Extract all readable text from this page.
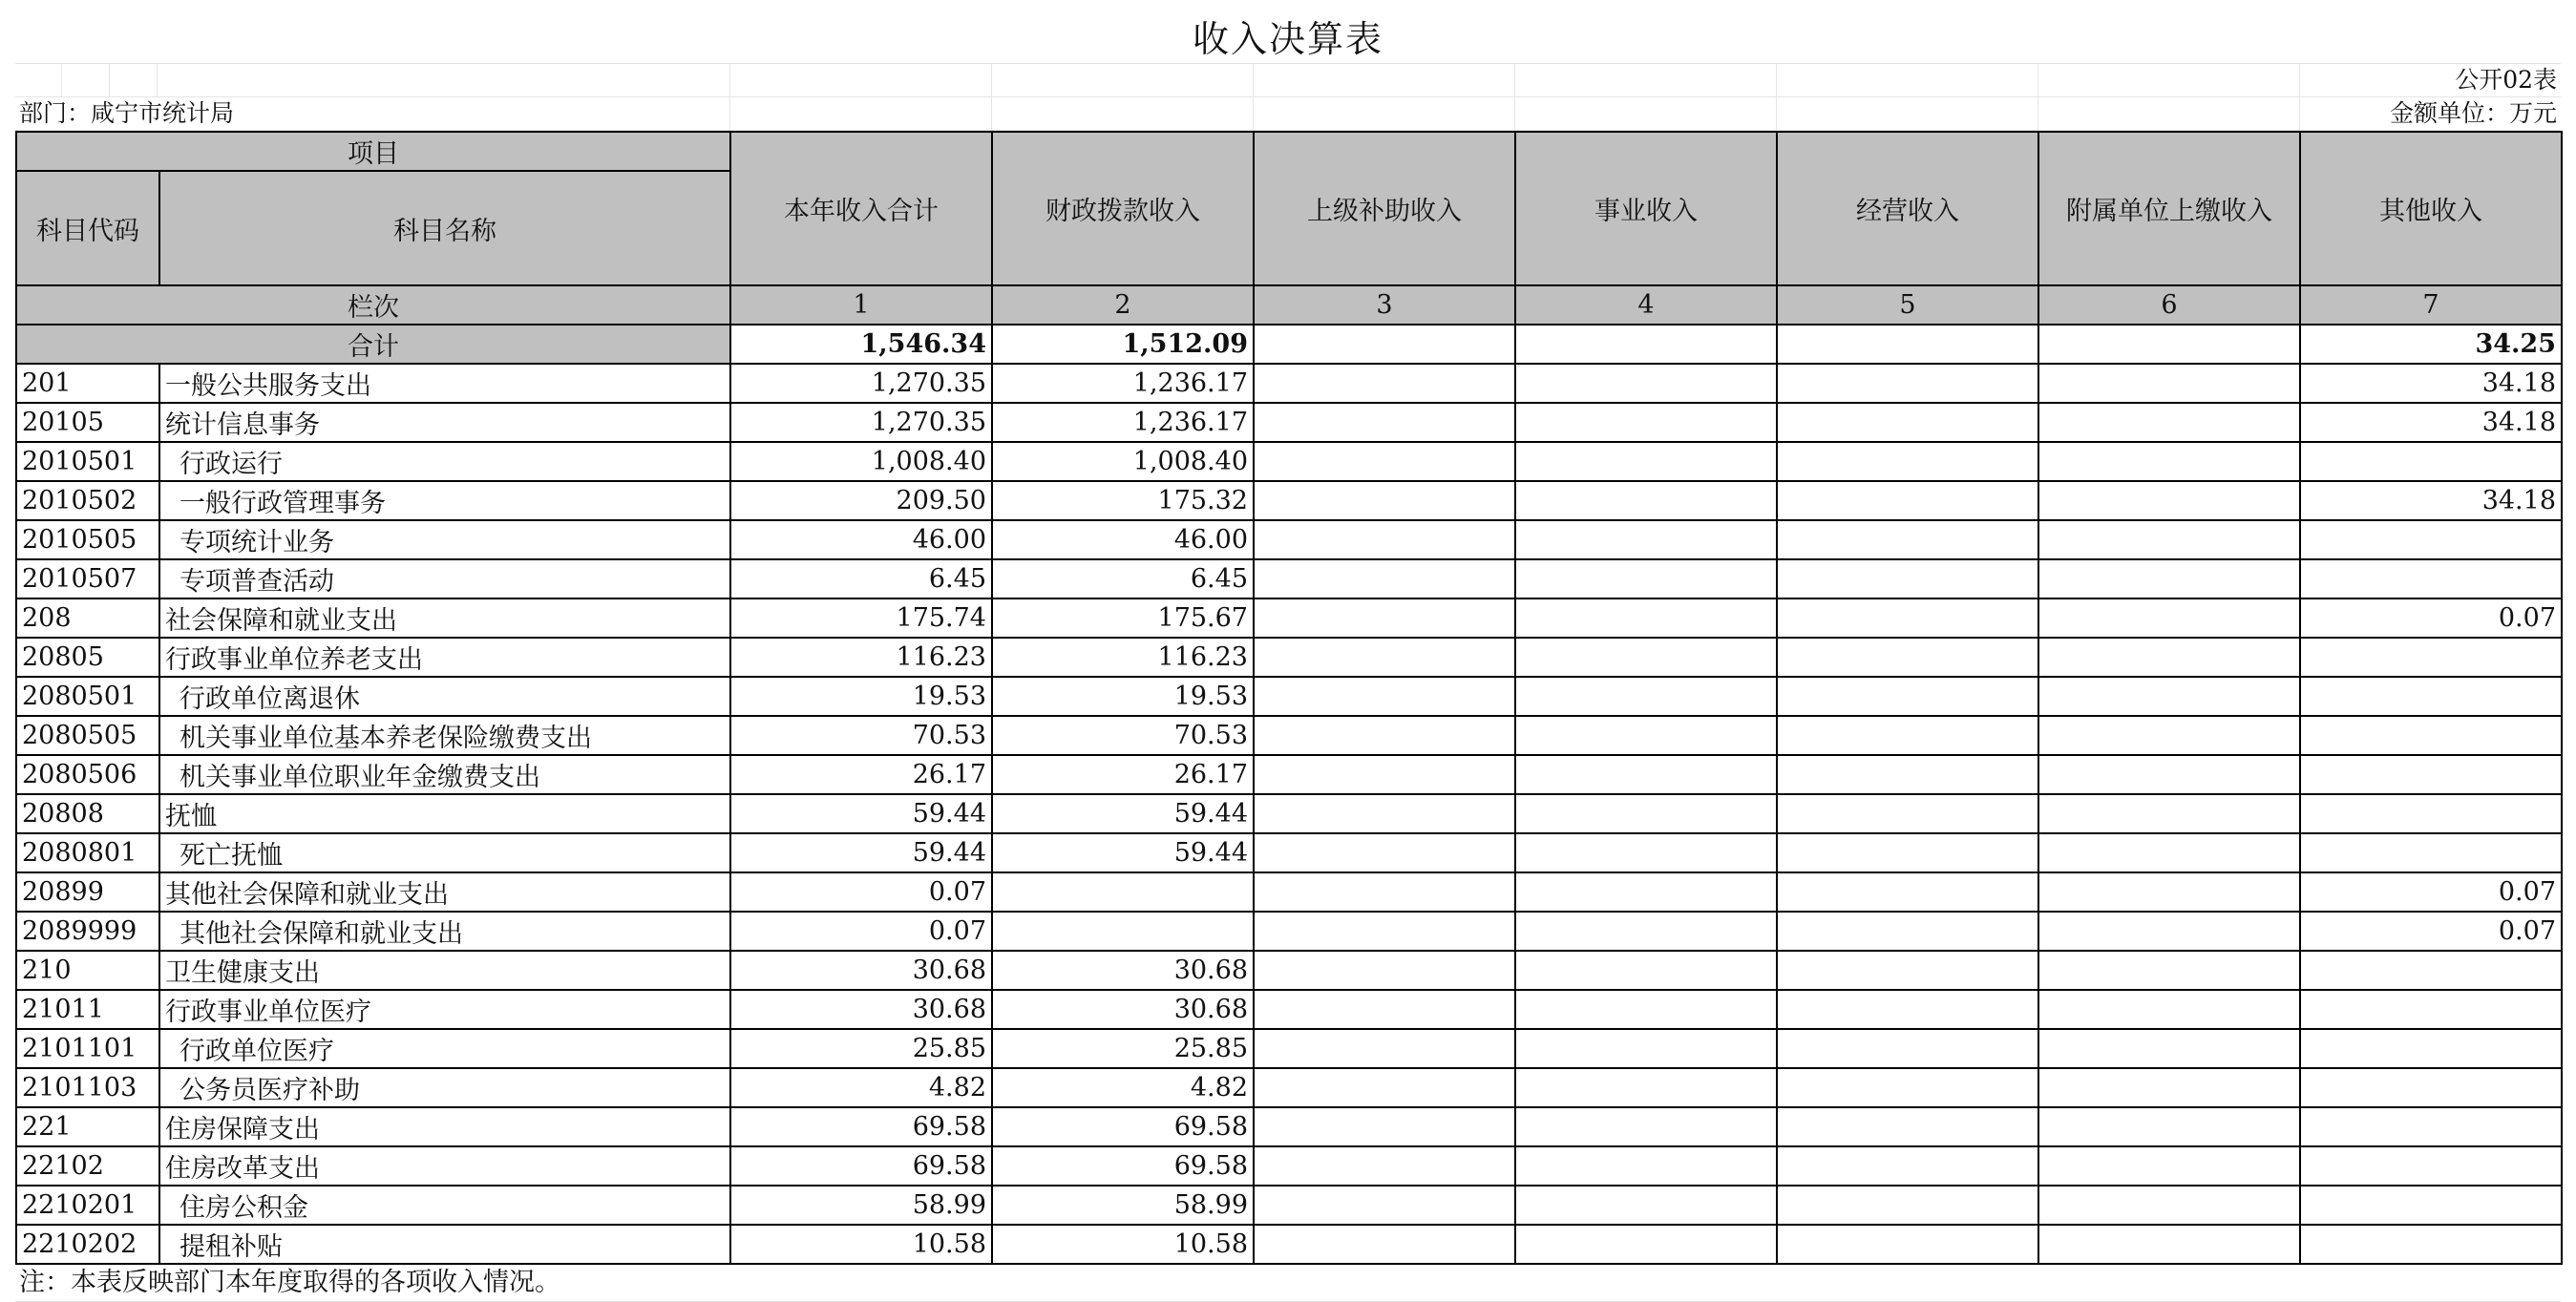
收入决算表
公开02表
部门：咸宁市统计局	金额单位：万元
项目		本年收入合计	财政拨款收入	上级补助收入	事业收入	经营收入	附属单位上缴收入	其他收入
科目代码	科目名称							
栏次		1	2	3	4	5	6	7
合计		1,546.34	1,512.09					34.25
201	一般公共服务支出	1,270.35	1,236.17					34.18
20105	统计信息事务	1,270.35	1,236.17					34.18
2010501	行政运行	1,008.40	1,008.40					
2010502	一般行政管理事务	209.50	175.32					34.18
2010505	专项统计业务	46.00	46.00					
2010507	专项普查活动	6.45	6.45					
208	社会保障和就业支出	175.74	175.67					0.07
20805	行政事业单位养老支出	116.23	116.23					
2080501	行政单位离退休	19.53	19.53					
2080505	机关事业单位基本养老保险缴费支出	70.53	70.53					
2080506	机关事业单位职业年金缴费支出	26.17	26.17					
20808	抚恤	59.44	59.44					
2080801	死亡抚恤	59.44	59.44					
20899	其他社会保障和就业支出	0.07						0.07
2089999	其他社会保障和就业支出	0.07						0.07
210	卫生健康支出	30.68	30.68					
21011	行政事业单位医疗	30.68	30.68					
2101101	行政单位医疗	25.85	25.85					
2101103	公务员医疗补助	4.82	4.82					
221	住房保障支出	69.58	69.58					
22102	住房改革支出	69.58	69.58					
2210201	住房公积金	58.99	58.99					
2210202	提租补贴	10.58	10.58					
注：本表反映部门本年度取得的各项收入情况。
